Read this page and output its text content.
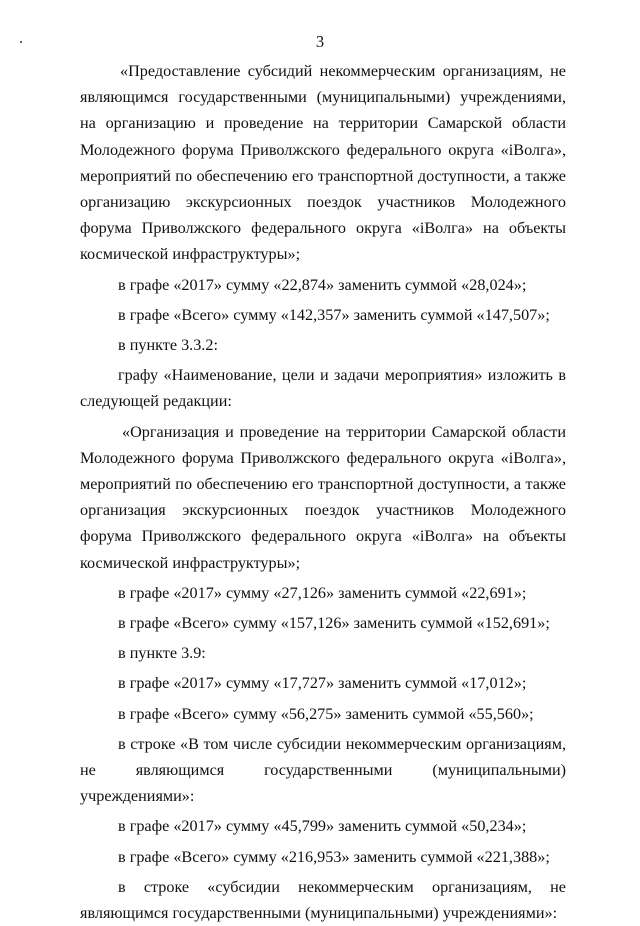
3

«Предоставление субсидий некоммерческим организациям, не являющимся государственными (муниципальными) учреждениями, на организацию и проведение на территории Самарской области Молодежного форума Приволжского федерального округа «iВолга», мероприятий по обеспечению его транспортной доступности, а также организацию экскурсионных поездок участников Молодежного форума Приволжского федерального округа «iВолга» на объекты космической инфраструктуры»;

в графе «2017» сумму «22,874» заменить суммой «28,024»;

в графе «Всего» сумму «142,357» заменить суммой «147,507»;

в пункте 3.3.2:

графу «Наименование, цели и задачи мероприятия» изложить в следующей редакции:

«Организация и проведение на территории Самарской области Молодежного форума Приволжского федерального округа «iВолга», мероприятий по обеспечению его транспортной доступности, а также организация экскурсионных поездок участников Молодежного форума Приволжского федерального округа «iВолга» на объекты космической инфраструктуры»;

в графе «2017» сумму «27,126» заменить суммой «22,691»;

в графе «Всего» сумму «157,126» заменить суммой «152,691»;

в пункте 3.9:

в графе «2017» сумму «17,727» заменить суммой «17,012»;

в графе «Всего» сумму «56,275» заменить суммой «55,560»;

в строке «В том числе субсидии некоммерческим организациям, не являющимся государственными (муниципальными) учреждениями»:

в графе «2017» сумму «45,799» заменить суммой «50,234»;

в графе «Всего» сумму «216,953» заменить суммой «221,388»;

в строке «субсидии некоммерческим организациям, не являющимся государственными (муниципальными) учреждениями»:
